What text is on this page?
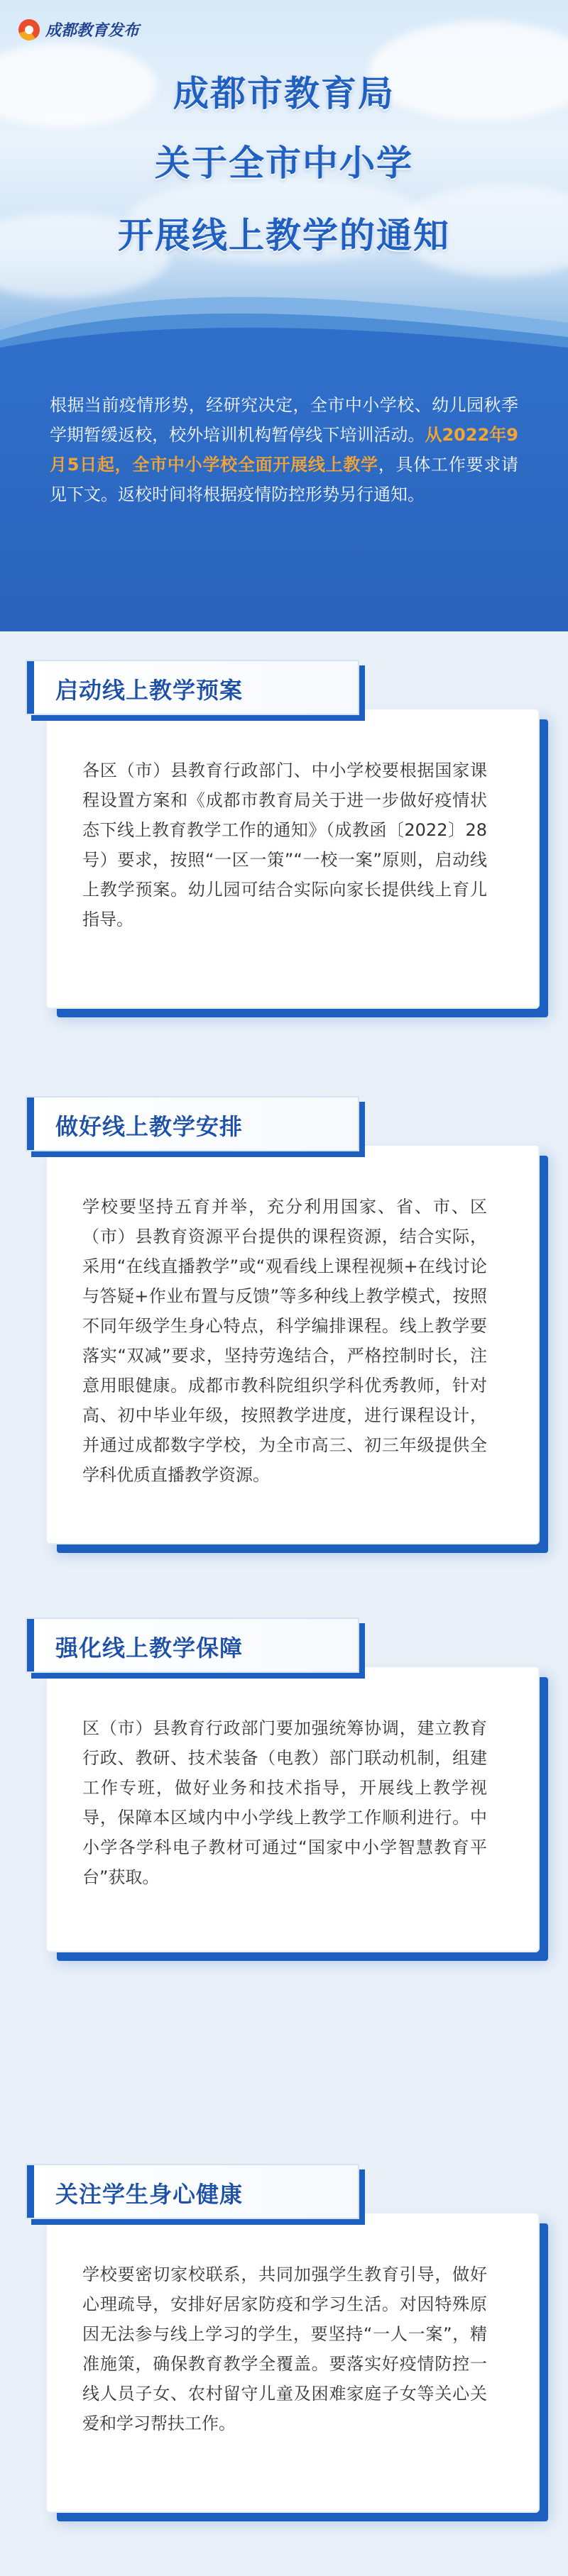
成都教育发布
成都市教育局
关于全市中小学
开展线上教学的通知

根据当前疫情形势，经研究决定，全市中小学校、幼儿园秋季学期暂缓返校，校外培训机构暂停线下培训活动。从2022年9月5日起，全市中小学校全面开展线上教学，具体工作要求请见下文。返校时间将根据疫情防控形势另行通知。

启动线上教学预案
各区（市）县教育行政部门、中小学校要根据国家课程设置方案和《成都市教育局关于进一步做好疫情状态下线上教育教学工作的通知》（成教函〔2022〕28号）要求，按照“一区一策”“一校一案”原则，启动线上教学预案。幼儿园可结合实际向家长提供线上育儿指导。
做好线上教学安排
学校要坚持五育并举，充分利用国家、省、市、区（市）县教育资源平台提供的课程资源，结合实际，采用“在线直播教学”或“观看线上课程视频+在线讨论与答疑+作业布置与反馈”等多种线上教学模式，按照不同年级学生身心特点，科学编排课程。线上教学要落实“双减”要求，坚持劳逸结合，严格控制时长，注意用眼健康。成都市教科院组织学科优秀教师，针对高、初中毕业年级，按照教学进度，进行课程设计，并通过成都数字学校，为全市高三、初三年级提供全学科优质直播教学资源。
强化线上教学保障
区（市）县教育行政部门要加强统筹协调，建立教育行政、教研、技术装备（电教）部门联动机制，组建工作专班，做好业务和技术指导，开展线上教学视导，保障本区域内中小学线上教学工作顺利进行。中小学各学科电子教材可通过“国家中小学智慧教育平台”获取。
关注学生身心健康
学校要密切家校联系，共同加强学生教育引导，做好心理疏导，安排好居家防疫和学习生活。对因特殊原因无法参与线上学习的学生，要坚持“一人一案”，精准施策，确保教育教学全覆盖。要落实好疫情防控一线人员子女、农村留守儿童及困难家庭子女等关心关爱和学习帮扶工作。
